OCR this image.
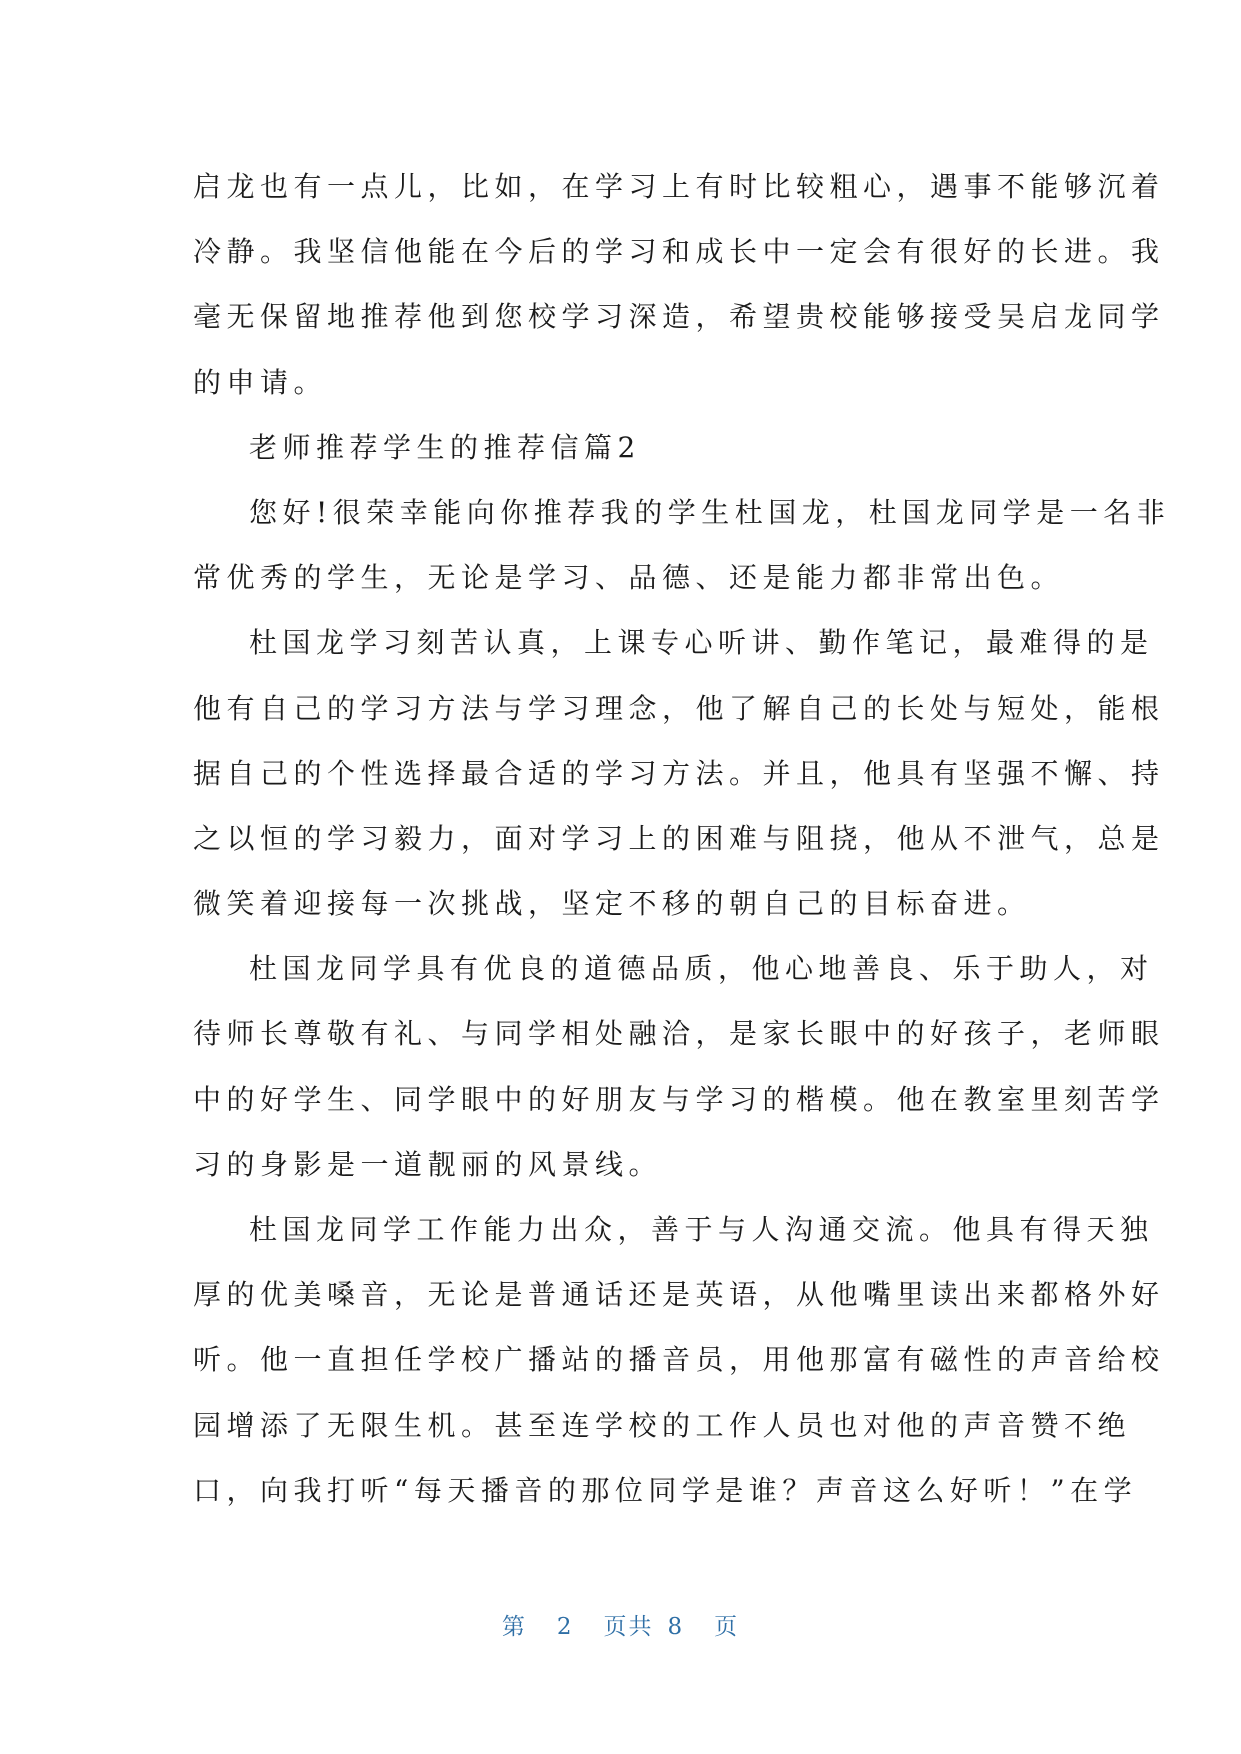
启龙也有一点儿，比如，在学习上有时比较粗心，遇事不能够沉着
冷静。我坚信他能在今后的学习和成长中一定会有很好的长进。我
毫无保留地推荐他到您校学习深造，希望贵校能够接受吴启龙同学
的申请。
老师推荐学生的推荐信篇2
您好!很荣幸能向你推荐我的学生杜国龙，杜国龙同学是一名非
常优秀的学生，无论是学习、品德、还是能力都非常出色。
杜国龙学习刻苦认真，上课专心听讲、勤作笔记，最难得的是
他有自己的学习方法与学习理念，他了解自己的长处与短处，能根
据自己的个性选择最合适的学习方法。并且，他具有坚强不懈、持
之以恒的学习毅力，面对学习上的困难与阻挠，他从不泄气，总是
微笑着迎接每一次挑战，坚定不移的朝自己的目标奋进。
杜国龙同学具有优良的道德品质，他心地善良、乐于助人，对
待师长尊敬有礼、与同学相处融洽，是家长眼中的好孩子，老师眼
中的好学生、同学眼中的好朋友与学习的楷模。他在教室里刻苦学
习的身影是一道靓丽的风景线。
杜国龙同学工作能力出众，善于与人沟通交流。他具有得天独
厚的优美嗓音，无论是普通话还是英语，从他嘴里读出来都格外好
听。他一直担任学校广播站的播音员，用他那富有磁性的声音给校
园增添了无限生机。甚至连学校的工作人员也对他的声音赞不绝
口，向我打听“每天播音的那位同学是谁？声音这么好听！”在学
第 2 页共 8 页
